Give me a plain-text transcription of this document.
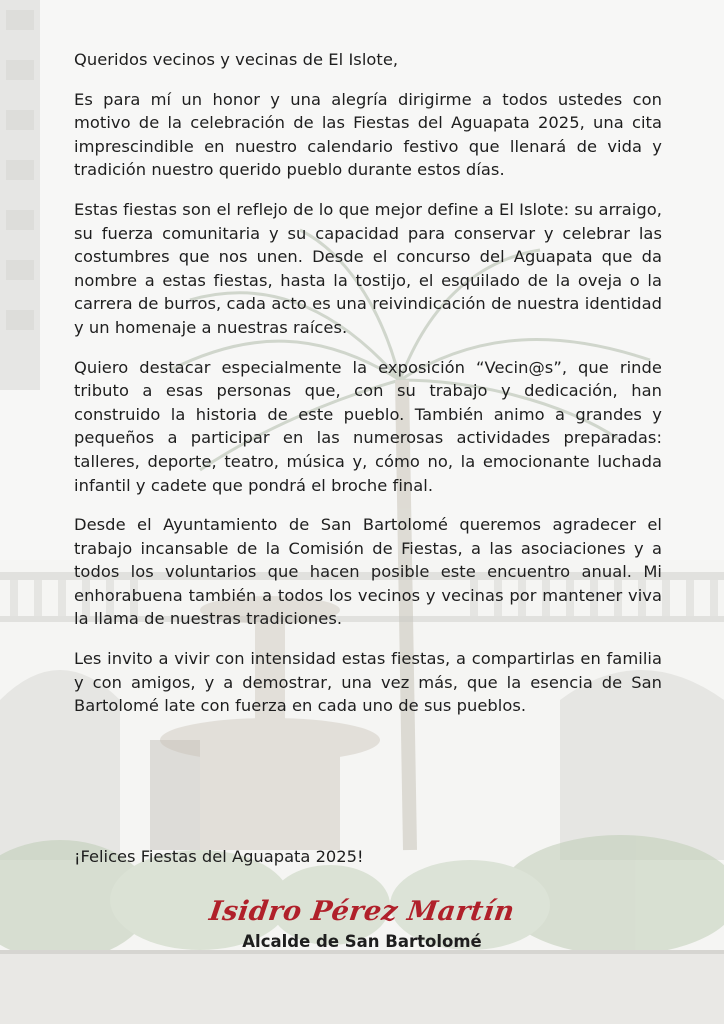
Queridos vecinos y vecinas de El Islote,

Es para mí un honor y una alegría dirigirme a todos ustedes con motivo de la celebración de las Fiestas del Aguapata 2025, una cita imprescindible en nuestro calendario festivo que llenará de vida y tradición nuestro querido pueblo durante estos días.

Estas fiestas son el reflejo de lo que mejor define a El Islote: su arraigo, su fuerza comunitaria y su capacidad para conservar y celebrar las costumbres que nos unen. Desde el concurso del Aguapata que da nombre a estas fiestas, hasta la tostijo, el esquilado de la oveja o la carrera de burros, cada acto es una reivindicación de nuestra identidad y un homenaje a nuestras raíces.

Quiero destacar especialmente la exposición “Vecin@s”, que rinde tributo a esas personas que, con su trabajo y dedicación, han construido la historia de este pueblo. También animo a grandes y pequeños a participar en las numerosas actividades preparadas: talleres, deporte, teatro, música y, cómo no, la emocionante luchada infantil y cadete que pondrá el broche final.

Desde el Ayuntamiento de San Bartolomé queremos agradecer el trabajo incansable de la Comisión de Fiestas, a las asociaciones y a todos los voluntarios que hacen posible este encuentro anual. Mi enhorabuena también a todos los vecinos y vecinas por mantener viva la llama de nuestras tradiciones.

Les invito a vivir con intensidad estas fiestas, a compartirlas en familia y con amigos, y a demostrar, una vez más, que la esencia de San Bartolomé late con fuerza en cada uno de sus pueblos.

¡Felices Fiestas del Aguapata 2025!
Isidro Pérez Martín
Alcalde de San Bartolomé
